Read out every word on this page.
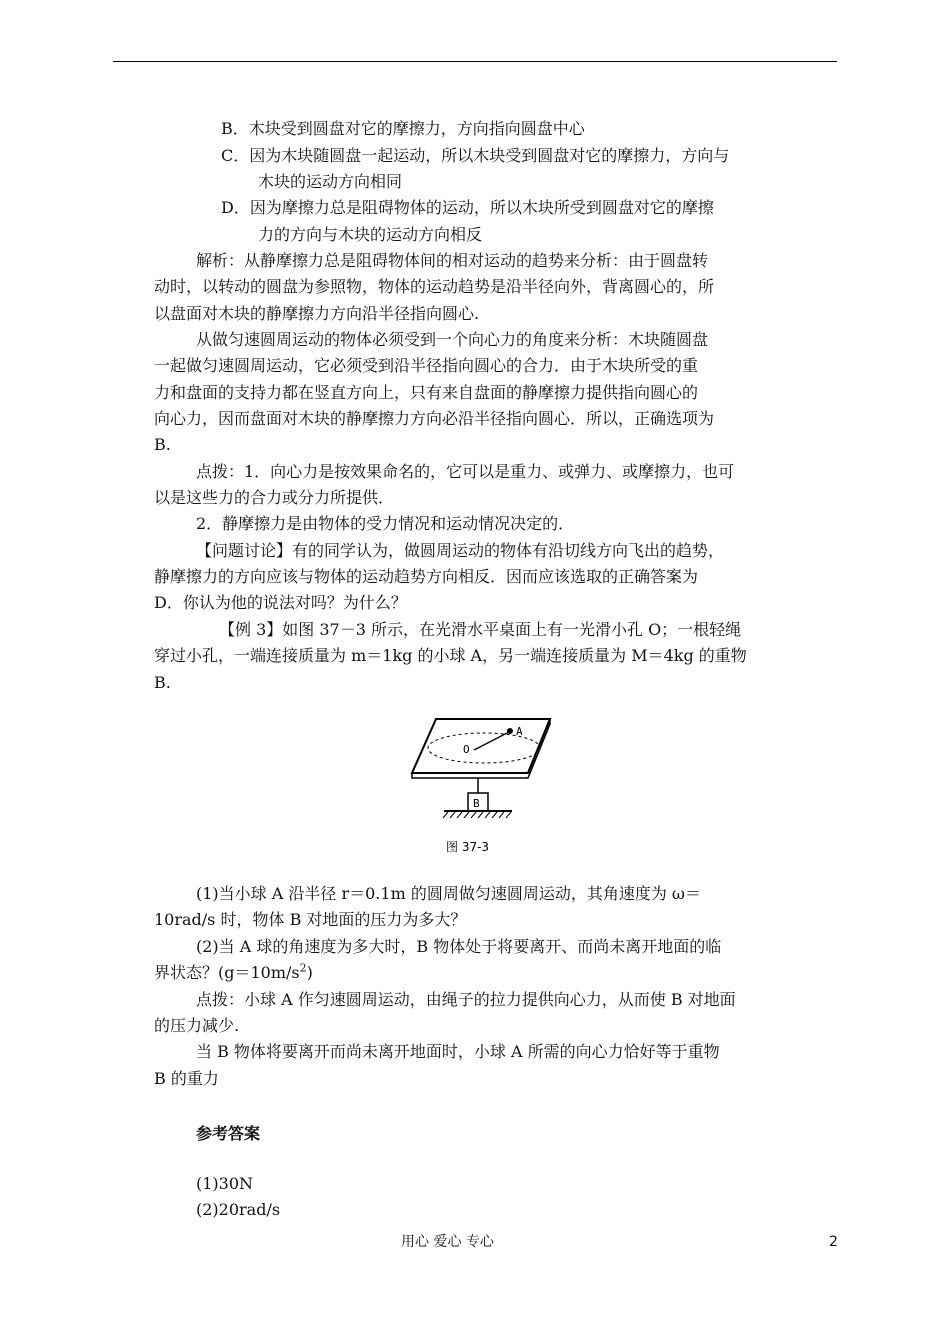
B．木块受到圆盘对它的摩擦力，方向指向圆盘中心
C．因为木块随圆盘一起运动，所以木块受到圆盘对它的摩擦力，方向与
木块的运动方向相同
D．因为摩擦力总是阻碍物体的运动，所以木块所受到圆盘对它的摩擦
力的方向与木块的运动方向相反
解析：从静摩擦力总是阻碍物体间的相对运动的趋势来分析：由于圆盘转
动时，以转动的圆盘为参照物，物体的运动趋势是沿半径向外，背离圆心的，所
以盘面对木块的静摩擦力方向沿半径指向圆心.
从做匀速圆周运动的物体必须受到一个向心力的角度来分析：木块随圆盘
一起做匀速圆周运动，它必须受到沿半径指向圆心的合力．由于木块所受的重
力和盘面的支持力都在竖直方向上，只有来自盘面的静摩擦力提供指向圆心的
向心力，因而盘面对木块的静摩擦力方向必沿半径指向圆心．所以，正确选项为
B.
点拨：1．向心力是按效果命名的，它可以是重力、或弹力、或摩擦力，也可
以是这些力的合力或分力所提供．
2．静摩擦力是由物体的受力情况和运动情况决定的．
【问题讨论】有的同学认为，做圆周运动的物体有沿切线方向飞出的趋势，
静摩擦力的方向应该与物体的运动趋势方向相反．因而应该选取的正确答案为
D．你认为他的说法对吗？为什么？
【例 3】如图 37－3 所示，在光滑水平桌面上有一光滑小孔 O；一根轻绳
穿过小孔，一端连接质量为 m＝1kg 的小球 A，另一端连接质量为 M＝4kg 的重物
B.
O
A
B
图 37-3
(1)当小球 A 沿半径 r＝0.1m 的圆周做匀速圆周运动，其角速度为 ω＝
10rad/s 时，物体 B 对地面的压力为多大？
(2)当 A 球的角速度为多大时，B 物体处于将要离开、而尚未离开地面的临
界状态？$(g=10m/s^2)$
点拨：小球 A 作匀速圆周运动，由绳子的拉力提供向心力，从而使 B 对地面
的压力减少.
当 B 物体将要离开而尚未离开地面时，小球 A 所需的向心力恰好等于重物
B 的重力
参考答案
(1)30N
(2)20rad/s
用心 爱心 专心	2
